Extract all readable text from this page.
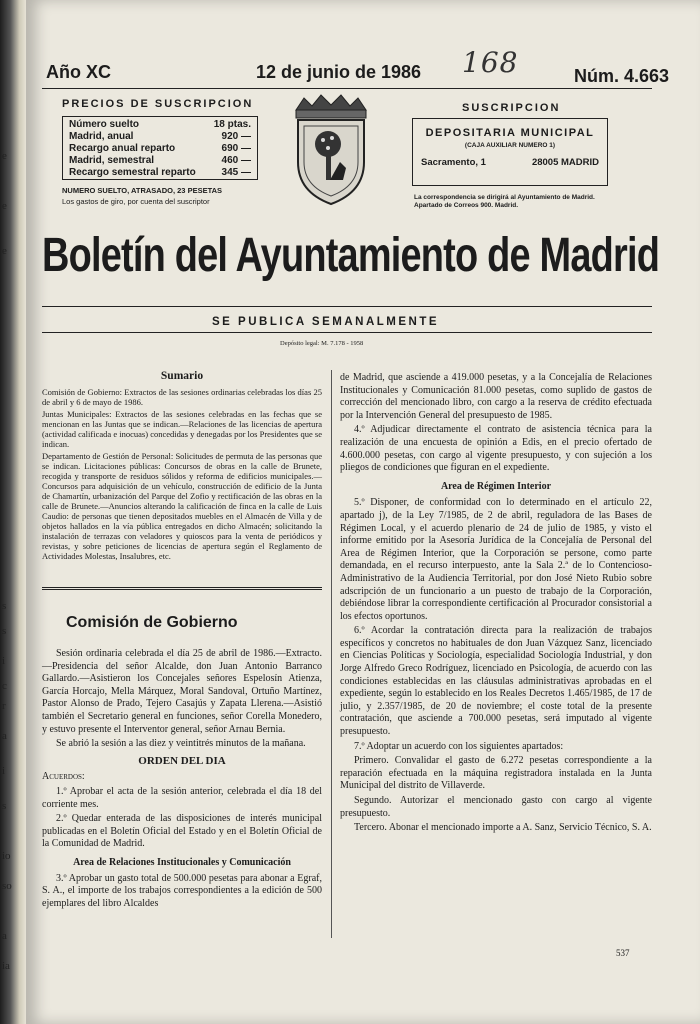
e
e
e
s
s
i
c
r
a
i
s
io
so
a
ia
Año XC	12 de junio de 1986 168	Núm. 4.663
PRECIOS DE SUSCRIPCION
Número suelto	18 ptas.
Madrid, anual	920 —
Recargo anual reparto	690 —
Madrid, semestral	460 —
Recargo semestral reparto	345 —
NUMERO SUELTO, ATRASADO, 23 PESETAS
Los gastos de giro, por cuenta del suscriptor
SUSCRIPCION
DEPOSITARIA MUNICIPAL
(CAJA AUXILIAR NUMERO 1)
Sacramento, 1	28005 MADRID
La correspondencia se dirigirá al Ayuntamiento de Madrid. Apartado de Correos 900. Madrid.
Boletín del Ayuntamiento de Madrid
SE PUBLICA SEMANALMENTE
Depósito legal: M. 7.178 - 1958

Sumario

Comisión de Gobierno: Extractos de las sesiones ordinarias celebradas los días 25 de abril y 6 de mayo de 1986.

Juntas Municipales: Extractos de las sesiones celebradas en las fechas que se mencionan en las Juntas que se indican.—Relaciones de las licencias de apertura (actividad calificada e inocuas) concedidas y denegadas por los Presidentes que se indican.

Departamento de Gestión de Personal: Solicitudes de permuta de las personas que se indican. Licitaciones públicas: Concursos de obras en la calle de Brunete, recogida y transporte de residuos sólidos y reforma de edificios municipales.—Concursos para adquisición de un vehículo, construcción de edificio de la Junta de Chamartín, urbanización del Parque del Zofio y rectificación de las obras en la calle de Brunete.—Anuncios alterando la calificación de finca en la calle de Luis Caudio: de personas que tienen depositados muebles en el Almacén de Villa y de objetos hallados en la vía pública entregados en dicho Almacén; solicitando la instalación de terrazas con veladores y quioscos para la venta de periódicos y revistas, y sobre peticiones de licencias de apertura según el Reglamento de Actividades Molestas, Insalubres, etc.

Comisión de Gobierno

Sesión ordinaria celebrada el día 25 de abril de 1986.—Extracto.—Presidencia del señor Alcalde, don Juan Antonio Barranco Gallardo.—Asistieron los Concejales señores Espelosín Atienza, García Horcajo, Mella Márquez, Moral Sandoval, Ortuño Martínez, Pastor Alonso de Prado, Tejero Casajús y Zapata Llerena.—Asistió también el Secretario general en funciones, señor Corella Monedero, y estuvo presente el Interventor general, señor Arnau Bernia.

Se abrió la sesión a las diez y veintitrés minutos de la mañana.

ORDEN DEL DIA

Acuerdos:

1.º Aprobar el acta de la sesión anterior, celebrada el día 18 del corriente mes.

2.º Quedar enterada de las disposiciones de interés municipal publicadas en el Boletín Oficial del Estado y en el Boletín Oficial de la Comunidad de Madrid.

Area de Relaciones Institucionales y Comunicación

3.º Aprobar un gasto total de 500.000 pesetas para abonar a Egraf, S. A., el importe de los trabajos correspondientes a la edición de 500 ejemplares del libro Alcaldes

de Madrid, que asciende a 419.000 pesetas, y a la Concejalía de Relaciones Institucionales y Comunicación 81.000 pesetas, como suplido de gastos de corrección del mencionado libro, con cargo a la reserva de crédito efectuada por la Intervención General del presupuesto de 1985.

4.º Adjudicar directamente el contrato de asistencia técnica para la realización de una encuesta de opinión a Edis, en el precio ofertado de 4.600.000 pesetas, con cargo al vigente presupuesto, y con sujeción a los pliegos de condiciones que figuran en el expediente.

Area de Régimen Interior

5.º Disponer, de conformidad con lo determinado en el artículo 22, apartado j), de la Ley 7/1985, de 2 de abril, reguladora de las Bases de Régimen Local, y el acuerdo plenario de 24 de julio de 1985, y visto el informe emitido por la Asesoría Jurídica de la Concejalía de Personal del Area de Régimen Interior, que la Corporación se persone, como parte demandada, en el recurso interpuesto, ante la Sala 2.ª de lo Contencioso-Administrativo de la Audiencia Territorial, por don José Nieto Rubio sobre adscripción de un funcionario a un puesto de trabajo de la Corporación, debiéndose librar la correspondiente certificación al Procurador consistorial a los efectos oportunos.

6.º Acordar la contratación directa para la realización de trabajos específicos y concretos no habituales de don Juan Vázquez Sanz, licenciado en Ciencias Políticas y Sociología, especialidad Sociología Industrial, y don Jorge Alfredo Greco Rodríguez, licenciado en Psicología, de acuerdo con las condiciones establecidas en las cláusulas administrativas aprobadas en el expediente, según lo establecido en los Reales Decretos 1.465/1985, de 17 de julio, y 2.357/1985, de 20 de noviembre; el coste total de la presente contratación, que asciende a 700.000 pesetas, será imputado al vigente presupuesto.

7.º Adoptar un acuerdo con los siguientes apartados:

Primero. Convalidar el gasto de 6.272 pesetas correspondiente a la reparación efectuada en la máquina registradora instalada en la Junta Municipal del distrito de Villaverde.

Segundo. Autorizar el mencionado gasto con cargo al vigente presupuesto.

Tercero. Abonar el mencionado importe a A. Sanz, Servicio Técnico, S. A.

537
